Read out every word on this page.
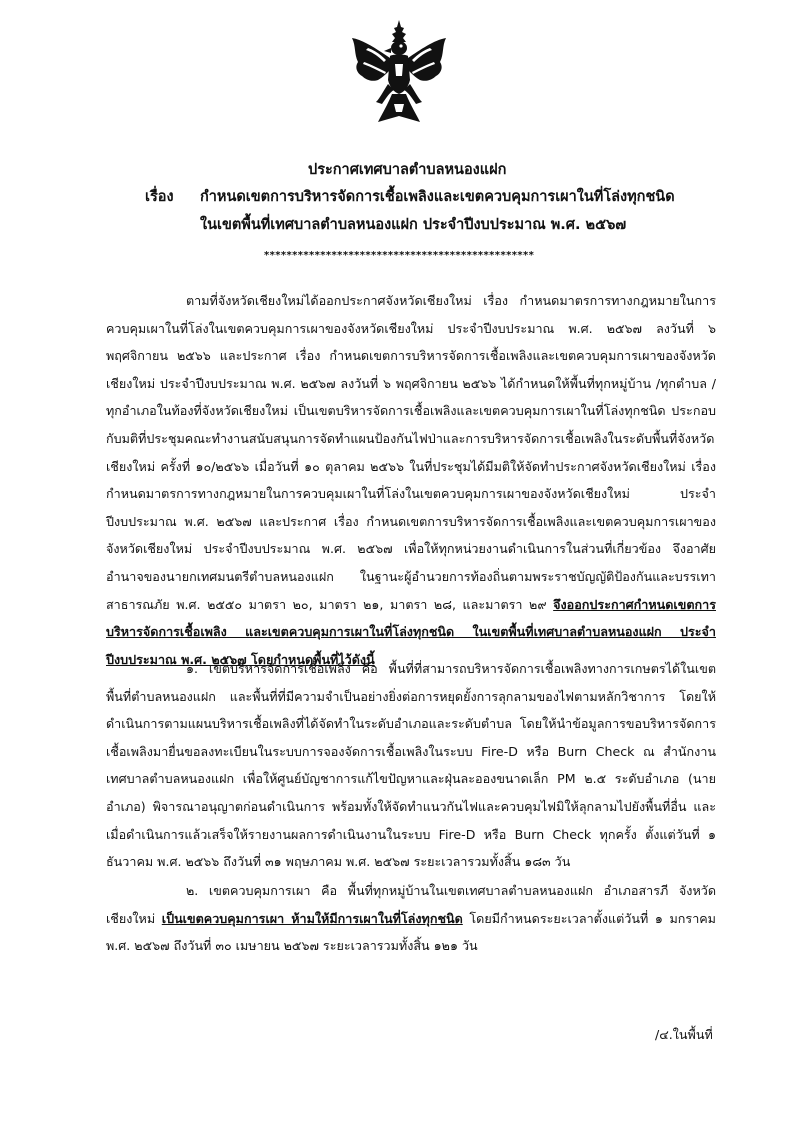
ประกาศเทศบาลตำบลหนองแฝก
เรื่อง กำหนดเขตการบริหารจัดการเชื้อเพลิงและเขตควบคุมการเผาในที่โล่งทุกชนิด
ในเขตพื้นที่เทศบาลตำบลหนองแฝก ประจำปีงบประมาณ พ.ศ. ๒๕๖๗
************************************************
ตามที่จังหวัดเชียงใหม่ได้ออกประกาศจังหวัดเชียงใหม่ เรื่อง กำหนดมาตรการทางกฎหมายในการควบคุมเผาในที่โล่งในเขตควบคุมการเผาของจังหวัดเชียงใหม่ ประจำปีงบประมาณ พ.ศ. ๒๕๖๗ ลงวันที่ ๖ พฤศจิกายน ๒๕๖๖ และประกาศ เรื่อง กำหนดเขตการบริหารจัดการเชื้อเพลิงและเขตควบคุมการเผาของจังหวัดเชียงใหม่ ประจำปีงบประมาณ พ.ศ. ๒๕๖๗ ลงวันที่ ๖ พฤศจิกายน ๒๕๖๖ ได้กำหนดให้พื้นที่ทุกหมู่บ้าน /ทุกตำบล /ทุกอำเภอในท้องที่จังหวัดเชียงใหม่ เป็นเขตบริหารจัดการเชื้อเพลิงและเขตควบคุมการเผาในที่โล่งทุกชนิด ประกอบกับมติที่ประชุมคณะทำงานสนับสนุนการจัดทำแผนป้องกันไฟป่าและการบริหารจัดการเชื้อเพลิงในระดับพื้นที่จังหวัดเชียงใหม่ ครั้งที่ ๑๐/๒๕๖๖ เมื่อวันที่ ๑๐ ตุลาคม ๒๕๖๖ ในที่ประชุมได้มีมติให้จัดทำประกาศจังหวัดเชียงใหม่ เรื่อง กำหนดมาตรการทางกฎหมายในการควบคุมเผาในที่โล่งในเขตควบคุมการเผาของจังหวัดเชียงใหม่ ประจำปีงบประมาณ พ.ศ. ๒๕๖๗ และประกาศ เรื่อง กำหนดเขตการบริหารจัดการเชื้อเพลิงและเขตควบคุมการเผาของจังหวัดเชียงใหม่ ประจำปีงบประมาณ พ.ศ. ๒๕๖๗ เพื่อให้ทุกหน่วยงานดำเนินการในส่วนที่เกี่ยวข้อง จึงอาศัยอำนาจของนายกเทศมนตรีตำบลหนองแฝก ในฐานะผู้อำนวยการท้องถิ่นตามพระราชบัญญัติป้องกันและบรรเทาสาธารณภัย พ.ศ. ๒๕๕๐ มาตรา ๒๐, มาตรา ๒๑, มาตรา ๒๘, และมาตรา ๒๙ จึงออกประกาศกำหนดเขตการบริหารจัดการเชื้อเพลิง และเขตควบคุมการเผาในที่โล่งทุกชนิด ในเขตพื้นที่เทศบาลตำบลหนองแฝก ประจำปีงบประมาณ พ.ศ. ๒๕๖๗ โดยกำหนดพื้นที่ไว้ดังนี้
๑. เขตบริหารจัดการเชื้อเพลิง คือ พื้นที่ที่สามารถบริหารจัดการเชื้อเพลิงทางการเกษตรได้ในเขตพื้นที่ตำบลหนองแฝก และพื้นที่ที่มีความจำเป็นอย่างยิ่งต่อการหยุดยั้งการลุกลามของไฟตามหลักวิชาการ โดยให้ดำเนินการตามแผนบริหารเชื้อเพลิงที่ได้จัดทำในระดับอำเภอและระดับตำบล โดยให้นำข้อมูลการขอบริหารจัดการเชื้อเพลิงมายื่นขอลงทะเบียนในระบบการจองจัดการเชื้อเพลิงในระบบ Fire-D หรือ Burn Check ณ สำนักงานเทศบาลตำบลหนองแฝก เพื่อให้ศูนย์บัญชาการแก้ไขปัญหาและฝุ่นละอองขนาดเล็ก PM ๒.๕ ระดับอำเภอ (นายอำเภอ) พิจารณาอนุญาตก่อนดำเนินการ พร้อมทั้งให้จัดทำแนวกันไฟและควบคุมไฟมิให้ลุกลามไปยังพื้นที่อื่น และเมื่อดำเนินการแล้วเสร็จให้รายงานผลการดำเนินงานในระบบ Fire-D หรือ Burn Check ทุกครั้ง ตั้งแต่วันที่ ๑ ธันวาคม พ.ศ. ๒๕๖๖ ถึงวันที่ ๓๑ พฤษภาคม พ.ศ. ๒๕๖๗ ระยะเวลารวมทั้งสิ้น ๑๘๓ วัน
๒. เขตควบคุมการเผา คือ พื้นที่ทุกหมู่บ้านในเขตเทศบาลตำบลหนองแฝก อำเภอสารภี จังหวัดเชียงใหม่ เป็นเขตควบคุมการเผา ห้ามให้มีการเผาในที่โล่งทุกชนิด โดยมีกำหนดระยะเวลาตั้งแต่วันที่ ๑ มกราคม พ.ศ. ๒๕๖๗ ถึงวันที่ ๓๐ เมษายน ๒๕๖๗ ระยะเวลารวมทั้งสิ้น ๑๒๑ วัน
/๔.ในพื้นที่
